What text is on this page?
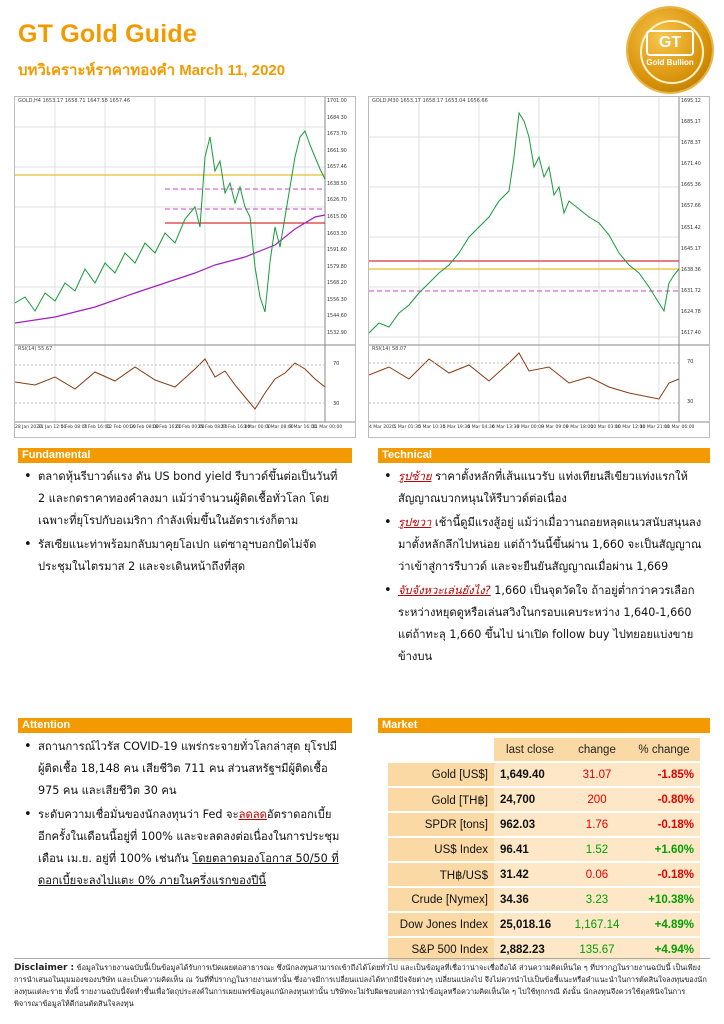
GT Gold Guide
บทวิเคราะห์ราคาทองคำ March 11, 2020
GT
Gold Bullion
GOLD,H4 1653.17 1658.71 1647.58 1657.46
RSI(14) 55.67
1701.00
1684.30
1673.70
1661.90
1657.46
1638.50
1626.70
1615.00
1603.30
1591.60
1579.80
1568.20
1556.30
1544.60
1532.90
70
30
28 Jan 2020
31 Jan 12:00
5 Feb 08:00
7 Feb 16:00
12 Feb 00:00
14 Feb 08:00
18 Feb 16:00
21 Feb 00:00
25 Feb 08:00
27 Feb 16:00
3 Mar 00:00
5 Mar 08:00
9 Mar 16:00
11 Mar 00:00
GOLD,M30 1653.17 1658.17 1653.04 1656.66
RSI(14) 58.07
1695.12
1685.17
1678.37
1671.40
1665.36
1657.66
1651.42
1645.17
1638.36
1631.72
1624.78
1617.40
70
30
4 Mar 2020
5 Mar 01:30
5 Mar 10:30
5 Mar 19:30
6 Mar 04:30
6 Mar 13:30
9 Mar 00:00
9 Mar 09:00
9 Mar 18:00
10 Mar 03:00
10 Mar 12:00
10 Mar 21:00
11 Mar 06:00
Fundamental
• ตลาดหุ้นรีบาวด์แรง ดัน US bond yield รีบาวด์ขึ้นต่อเป็นวันที่ 2 และกดราคาทองคำลงมา แม้ว่าจำนวนผู้ติดเชื้อทั่วโลก โดยเฉพาะที่ยุโรปกับอเมริกา กำลังเพิ่มขึ้นในอัตราเร่งก็ตาม
• รัสเซียแนะท่าพร้อมกลับมาคุยโอเปก แต่ซาอุฯบอกปัดไม่จัดประชุมในไตรมาส 2 และจะเดินหน้าถึงที่สุด
Technical
• รูปซ้าย ราคาตั้งหลักที่เส้นแนวรับ แท่งเทียนสีเขียวแท่งแรกให้สัญญาณบวกหนุนให้รีบาวด์ต่อเนื่อง
• รูปขวา เช้านี้ดูมีแรงสู้อยู่ แม้ว่าเมื่อวานถอยหลุดแนวสนับสนุนลงมาตั้งหลักลึกไปหน่อย แต่ถ้าวันนี้ขึ้นผ่าน 1,660 จะเป็นสัญญาณว่าเข้าสู่การรีบาวด์ และจะยืนยันสัญญาณเมื่อผ่าน 1,669
• จับจังหวะเล่นยังไง? 1,660 เป็นจุดวัดใจ ถ้าอยู่ต่ำกว่าควรเลือกระหว่างหยุดดูหรือเล่นสวิงในกรอบแคบระหว่าง 1,640-1,660 แต่ถ้าทะลุ 1,660 ขึ้นไป น่าเปิด follow buy ไปทยอยแบ่งขายข้างบน
Attention
• สถานการณ์ไวรัส COVID-19 แพร่กระจายทั่วโลกล่าสุด ยุโรปมีผู้ติดเชื้อ 18,148 คน เสียชีวิต 711 คน ส่วนสหรัฐฯมีผู้ติดเชื้อ 975 คน และเสียชีวิต 30 คน
• ระดับความเชื่อมั่นของนักลงทุนว่า Fed จะลดลดอัตราดอกเบี้ยอีกครั้งในเดือนนี้อยู่ที่ 100% และจะลดลงต่อเนื่องในการประชุมเดือน เม.ย. อยู่ที่ 100% เช่นกัน โดยตลาดมองโอกาส 50/50 ที่ดอกเบี้ยจะลงไปแตะ 0% ภายในครึ่งแรกของปีนี้
Market
	last close	change	% change
Gold [US$]	1,649.40	31.07	-1.85%
Gold [TH฿]	24,700	200	-0.80%
SPDR [tons]	962.03	1.76	-0.18%
US$ Index	96.41	1.52	+1.60%
TH฿/US$	31.42	0.06	-0.18%
Crude [Nymex]	34.36	3.23	+10.38%
Dow Jones Index	25,018.16	1,167.14	+4.89%
S&P 500 Index	2,882.23	135.67	+4.94%
Disclaimer : ข้อมูลในรายงานฉบับนี้เป็นข้อมูลได้รับการเปิดเผยต่อสาธารณะ ซึ่งนักลงทุนสามารถเข้าถึงได้โดยทั่วไป และเป็นข้อมูลที่เชื่อว่าน่าจะเชื่อถือได้ ส่วนความคิดเห็นใด ๆ ที่ปรากฏในรายงานฉบับนี้ เป็นเพียงการนำเสนอในมุมมองของบริษัท และเป็นความคิดเห็น ณ วันที่ที่ปรากฏในรายงานเท่านั้น ซึ่งอาจมีการเปลี่ยนแปลงได้หากมีปัจจัยต่างๆ เปลี่ยนแปลงไป จึงไม่ควรนำไปเป็นข้อชี้แนะหรือคำแนะนำในการตัดสินใจลงทุนของนักลงทุนแต่ละราย ทั้งนี้ รายงานฉบับนี้จัดทำขึ้นเพื่อวัตถุประสงค์ในการเผยแพร่ข้อมูลแก่นักลงทุนเท่านั้น บริษัทจะไม่รับผิดชอบต่อการนำข้อมูลหรือความคิดเห็นใด ๆ ไปใช้ทุกกรณี ดังนั้น นักลงทุนจึงควรใช้ดุลพินิจในการพิจารณาข้อมูลให้ดีก่อนตัดสินใจลงทุน
